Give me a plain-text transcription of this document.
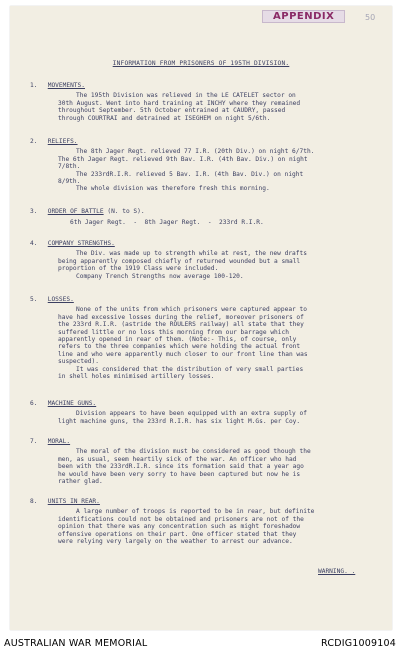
APPENDIX	50
INFORMATION FROM PRISONERS OF 195TH DIVISION.
1. MOVEMENTS.
The 195th Division was relieved in the LE CATELET sector on
30th August. Went into hard training at INCHY where they remained
throughout September. 5th October entrained at CAUDRY, passed
through COURTRAI and detrained at ISEGHEM on night 5/6th.
2. RELIEFS.
The 8th Jager Regt. relieved 77 I.R. (20th Div.) on night 6/7th.
The 6th Jager Regt. relieved 9th Bav. I.R. (4th Bav. Div.) on night
7/8th.
The 233rdR.I.R. relieved 5 Bav. I.R. (4th Bav. Div.) on night
8/9th.
The whole division was therefore fresh this morning.
3. ORDER OF BATTLE (N. to S).
6th Jager Regt.  -  8th Jager Regt.  -  233rd R.I.R.
4. COMPANY STRENGTHS.
The Div. was made up to strength while at rest, the new drafts
being apparently composed chiefly of returned wounded but a small
proportion of the 1919 Class were included.
Company Trench Strengths now average 100-120.
5. LOSSES.
None of the units from which prisoners were captured appear to
have had excessive losses during the relief, moreover prisoners of
the 233rd R.I.R. (astride the ROULERS railway) all state that they
suffered little or no loss this morning from our barrage which
apparently opened in rear of them. (Note:- This, of course, only
refers to the three companies which were holding the actual front
line and who were apparently much closer to our front line than was
suspected).
It was considered that the distribution of very small parties
in shell holes minimised artillery losses.
6. MACHINE GUNS.
Division appears to have been equipped with an extra supply of
light machine guns, the 233rd R.I.R. has six light M.Gs. per Coy.
7. MORAL.
The moral of the division must be considered as good though the
men, as usual, seem heartily sick of the war. An officer who had
been with the 233rdR.I.R. since its formation said that a year ago
he would have been very sorry to have been captured but now he is
rather glad.
8. UNITS IN REAR.
A large number of troops is reported to be in rear, but definite
identifications could not be obtained and prisoners are not of the
opinion that there was any concentration such as might foreshadow
offensive operations on their part. One officer stated that they
were relying very largely on the weather to arrest our advance.
WARNING. .
AUSTRALIAN WAR MEMORIAL	RCDIG1009104
